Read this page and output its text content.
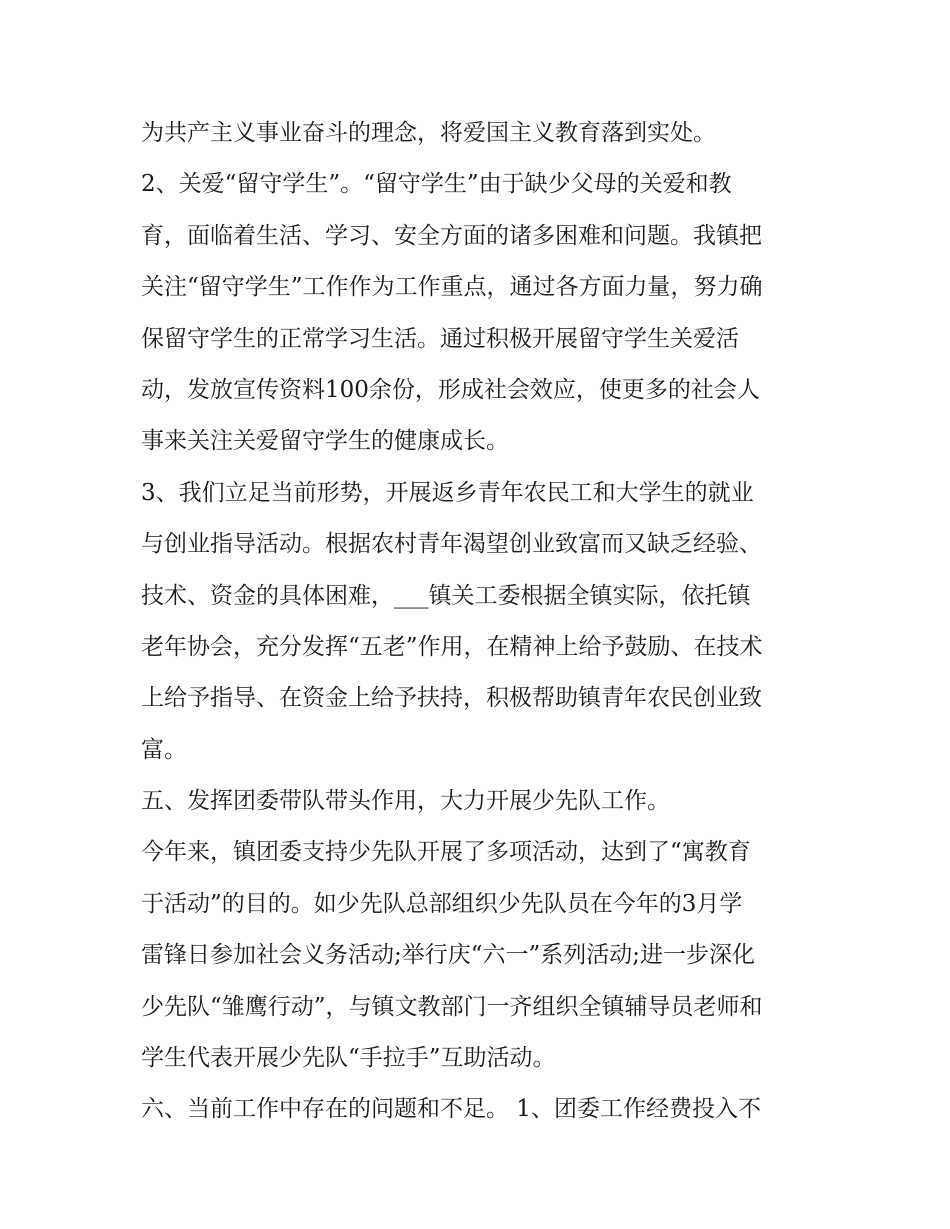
为共产主义事业奋斗的理念，将爱国主义教育落到实处。
2、关爱“留守学生”。“留守学生”由于缺少父母的关爱和教
育，面临着生活、学习、安全方面的诸多困难和问题。我镇把
关注“留守学生”工作作为工作重点，通过各方面力量，努力确
保留守学生的正常学习生活。通过积极开展留守学生关爱活
动，发放宣传资料100余份，形成社会效应，使更多的社会人
事来关注关爱留守学生的健康成长。
3、我们立足当前形势，开展返乡青年农民工和大学生的就业
与创业指导活动。根据农村青年渴望创业致富而又缺乏经验、
技术、资金的具体困难，___镇关工委根据全镇实际，依托镇
老年协会，充分发挥“五老”作用，在精神上给予鼓励、在技术
上给予指导、在资金上给予扶持，积极帮助镇青年农民创业致
富。
五、发挥团委带队带头作用，大力开展少先队工作。
今年来，镇团委支持少先队开展了多项活动，达到了“寓教育
于活动”的目的。如少先队总部组织少先队员在今年的3月学
雷锋日参加社会义务活动;举行庆“六一”系列活动;进一步深化
少先队“雏鹰行动”，与镇文教部门一齐组织全镇辅导员老师和
学生代表开展少先队“手拉手”互助活动。
六、当前工作中存在的问题和不足。 1、团委工作经费投入不
